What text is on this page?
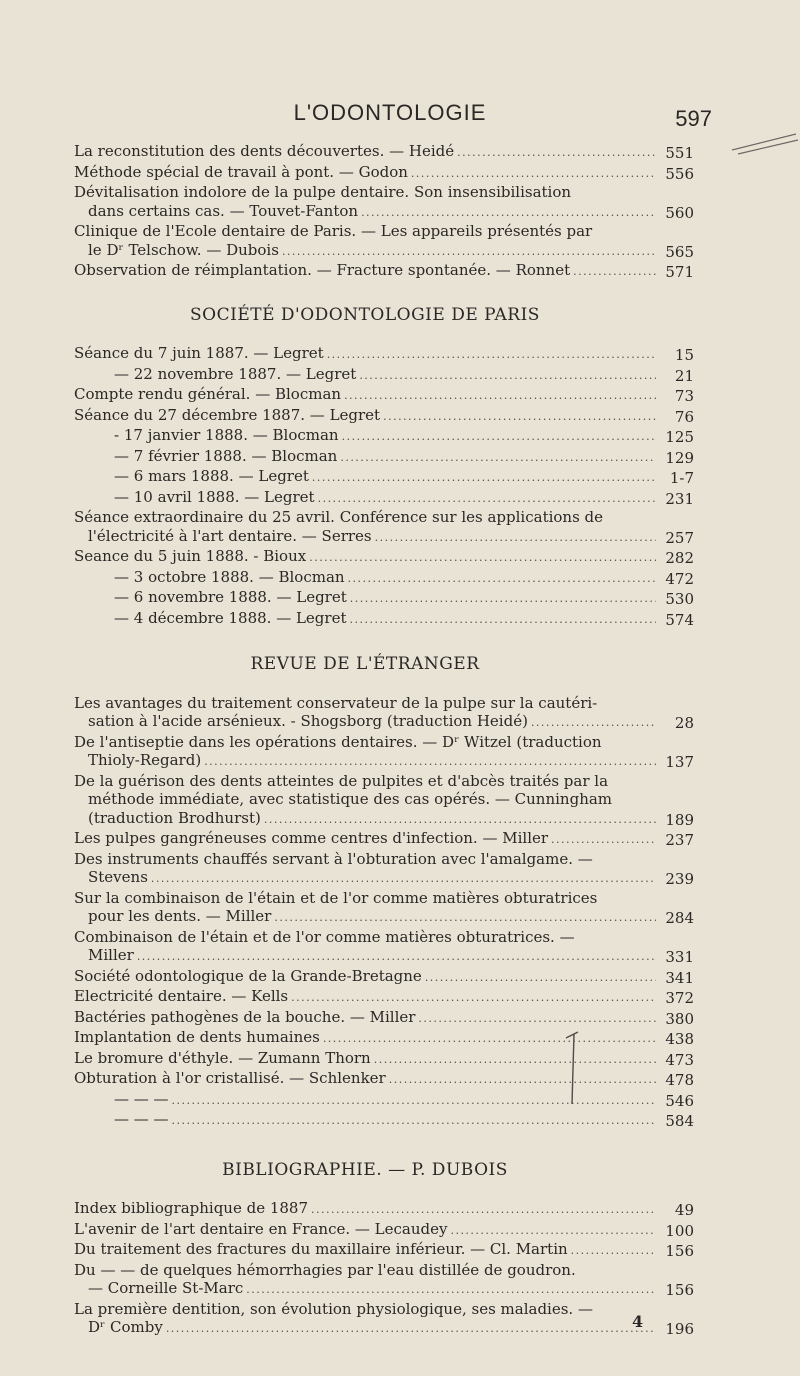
L'ODONTOLOGIE	597
La reconstitution des dents découvertes. — Heidé . . .	551
Méthode spécial de travail à pont. — Godon . . .	556
Dévitalisation indolore de la pulpe dentaire. Son insensibilisation
dans certains cas. — Touvet-Fanton . . .	560
Clinique de l'Ecole dentaire de Paris. — Les appareils présentés par
le Dʳ Telschow. — Dubois . . .	565
Observation de réimplantation. — Fracture spontanée. — Ronnet . . .	571
SOCIÉTÉ D'ODONTOLOGIE DE PARIS
Séance du 7 juin 1887. — Legret . . .	15
— 22 novembre 1887. — Legret . . .	21
Compte rendu général. — Blocman . . .	73
Séance du 27 décembre 1887. — Legret . . .	76
- 17 janvier 1888. — Blocman . . .	125
— 7 février 1888. — Blocman . . .	129
— 6 mars 1888. — Legret . . .	1‑7
— 10 avril 1888. — Legret . . .	231
Séance extraordinaire du 25 avril. Conférence sur les applications de
l'électricité à l'art dentaire. — Serres . . .	257
Seance du 5 juin 1888. - Bioux . . .	282
— 3 octobre 1888. — Blocman . . .	472
— 6 novembre 1888. — Legret . . .	530
— 4 décembre 1888. — Legret . . .	574
REVUE DE L'ÉTRANGER
Les avantages du traitement conservateur de la pulpe sur la cautéri-
sation à l'acide arsénieux. - Shogsborg (traduction Heidé) . . .	28
De l'antiseptie dans les opérations dentaires. — Dʳ Witzel (traduction
Thioly-Regard) . . .	137
De la guérison des dents atteintes de pulpites et d'abcès traités par la
méthode immédiate, avec statistique des cas opérés. — Cunningham
(traduction Brodhurst) . . .	189
Les pulpes gangréneuses comme centres d'infection. — Miller . . .	237
Des instruments chauffés servant à l'obturation avec l'amalgame. —
Stevens . . .	239
Sur la combinaison de l'étain et de l'or comme matières obturatrices
pour les dents. — Miller . . .	284
Combinaison de l'étain et de l'or comme matières obturatrices. —
Miller . . .	331
Société odontologique de la Grande-Bretagne . . .	341
Electricité dentaire. — Kells . . .	372
Bactéries pathogènes de la bouche. — Miller . . .	380
Implantation de dents humaines . . .	438
Le bromure d'éthyle. — Zumann Thorn . . .	473
Obturation à l'or cristallisé. — Schlenker . . .	478
— — — . . .	546
— — — . . .	584
BIBLIOGRAPHIE. — P. DUBOIS
Index bibliographique de 1887 . . .	49
L'avenir de l'art dentaire en France. — Lecaudey . . .	100
Du traitement des fractures du maxillaire inférieur. — Cl. Martin . . .	156
Du — — de quelques hémorrhagies par l'eau distillée de goudron.
— Corneille St-Marc . . .	156
La première dentition, son évolution physiologique, ses maladies. —
Dʳ Comby . . .	196
4
